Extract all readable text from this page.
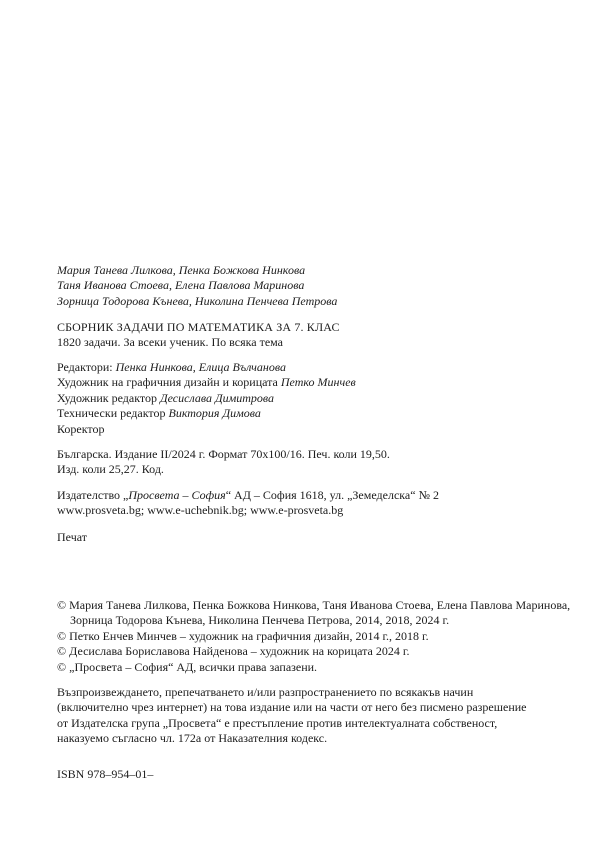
Мария Танева Лилкова, Пенка Божкова Нинкова
Таня Иванова Стоева, Елена Павлова Маринова
Зорница Тодорова Кънева, Николина Пенчева Петрова
СБОРНИК ЗАДАЧИ ПО МАТЕМАТИКА ЗА 7. КЛАС
1820 задачи. За всеки ученик. По всяка тема
Редактори: Пенка Нинкова, Елица Вълчанова
Художник на графичния дизайн и корицата Петко Минчев
Художник редактор Десислава Димитрова
Технически редактор Виктория Димова
Коректор
Българска. Издание II/2024 г. Формат 70x100/16. Печ. коли 19,50.
Изд. коли 25,27. Код.
Издателство „Просвета – София“ АД – София 1618, ул. „Земеделска“ № 2
www.prosveta.bg; www.e-uchebnik.bg; www.e-prosveta.bg
Печат
© Мария Танева Лилкова, Пенка Божкова Нинкова, Таня Иванова Стоева, Елена Павлова Маринова,
Зорница Тодорова Кънева, Николина Пенчева Петрова, 2014, 2018, 2024 г.
© Петко Енчев Минчев – художник на графичния дизайн, 2014 г., 2018 г.
© Десислава Бориславова Найденова – художник на корицата 2024 г.
© „Просвета – София“ АД, всички права запазени.
Възпроизвеждането, препечатването и/или разпространението по всякакъв начин
(включително чрез интернет) на това издание или на части от него без писмено разрешение
от Издателска група „Просвета“ е престъпление против интелектуалната собственост,
наказуемо съгласно чл. 172а от Наказателния кодекс.
ISBN 978–954–01–
